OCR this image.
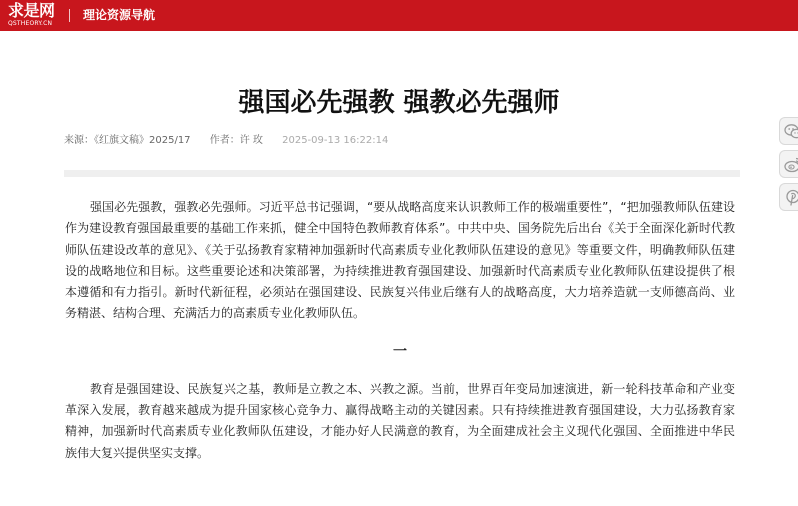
求是网
QSTHEORY.CN
理论资源导航
强国必先强教 强教必先强师
来源：《红旗文稿》2025/17 作者：许 玫 2025-09-13 16:22:14

强国必先强教，强教必先强师。习近平总书记强调，“要从战略高度来认识教师工作的极端重要性”，“把加强教师队伍建设作为建设教育强国最重要的基础工作来抓，健全中国特色教师教育体系”。中共中央、国务院先后出台《关于全面深化新时代教师队伍建设改革的意见》、《关于弘扬教育家精神加强新时代高素质专业化教师队伍建设的意见》等重要文件，明确教师队伍建设的战略地位和目标。这些重要论述和决策部署，为持续推进教育强国建设、加强新时代高素质专业化教师队伍建设提供了根本遵循和有力指引。新时代新征程，必须站在强国建设、民族复兴伟业后继有人的战略高度，大力培养造就一支师德高尚、业务精湛、结构合理、充满活力的高素质专业化教师队伍。

一

教育是强国建设、民族复兴之基，教师是立教之本、兴教之源。当前，世界百年变局加速演进，新一轮科技革命和产业变革深入发展，教育越来越成为提升国家核心竞争力、赢得战略主动的关键因素。只有持续推进教育强国建设，大力弘扬教育家精神，加强新时代高素质专业化教师队伍建设，才能办好人民满意的教育，为全面建成社会主义现代化强国、全面推进中华民族伟大复兴提供坚实支撑。
